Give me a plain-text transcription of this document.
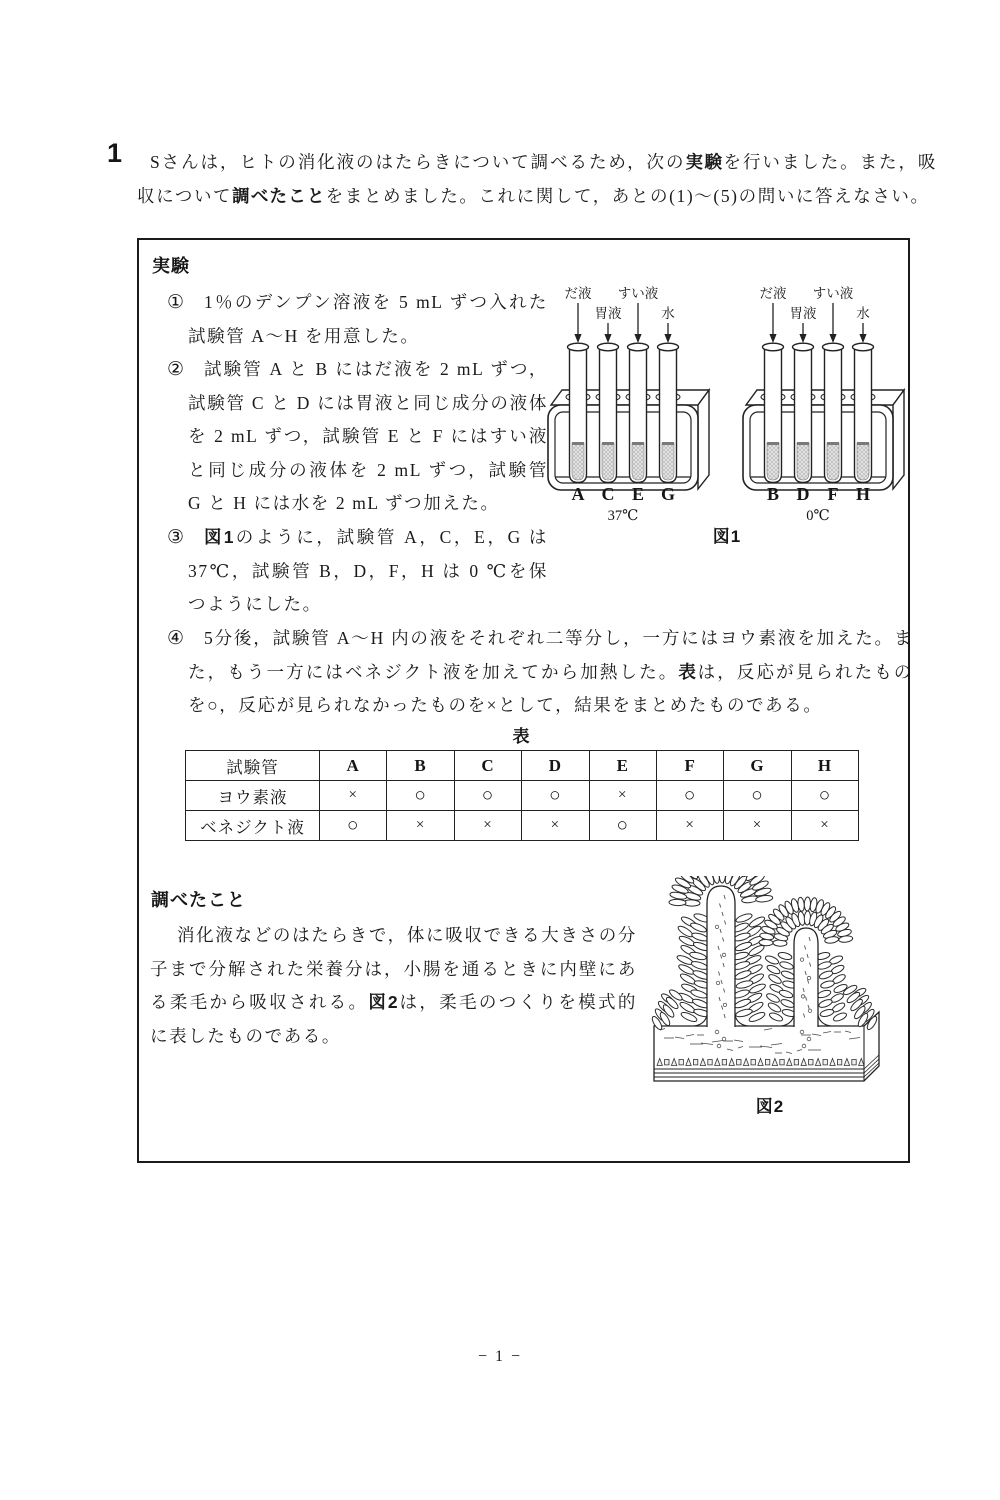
1	Sさんは，ヒトの消化液のはたらきについて調べるため，次の実験を行いました。また，吸収について調べたことをまとめました。これに関して，あとの(1)〜(5)の問いに答えなさい。
実験
①	1％のデンプン溶液を 5 mL ずつ入れた試験管 A〜H を用意した。
②	試験管 A と B にはだ液を 2 mL ずつ，試験管 C と D には胃液と同じ成分の液体を 2 mL ずつ，試験管 E と F にはすい液と同じ成分の液体を 2 mL ずつ，試験管 G と H には水を 2 mL ずつ加えた。
③	図1のように，試験管 A，C，E，G は37℃，試験管 B，D，F，H は 0 ℃を保つようにした。
④	5分後，試験管 A〜H 内の液をそれぞれ二等分し，一方にはヨウ素液を加えた。また，もう一方にはベネジクト液を加えてから加熱した。表は，反応が見られたものを○，反応が見られなかったものを×として，結果をまとめたものである。
だ液
胃液
すい液
水
A C E G
37℃
だ液
胃液
すい液
水
B D F H
0℃
図1
表
試験管	A	B	C	D	E	F	G	H
ヨウ素液	×	○	○	○	×	○	○	○
ベネジクト液	○	×	×	×	○	×	×	×
調べたこと
消化液などのはたらきで，体に吸収できる大きさの分子まで分解された栄養分は，小腸を通るときに内壁にある柔毛から吸収される。図2は，柔毛のつくりを模式的に表したものである。
図2
− 1 −
